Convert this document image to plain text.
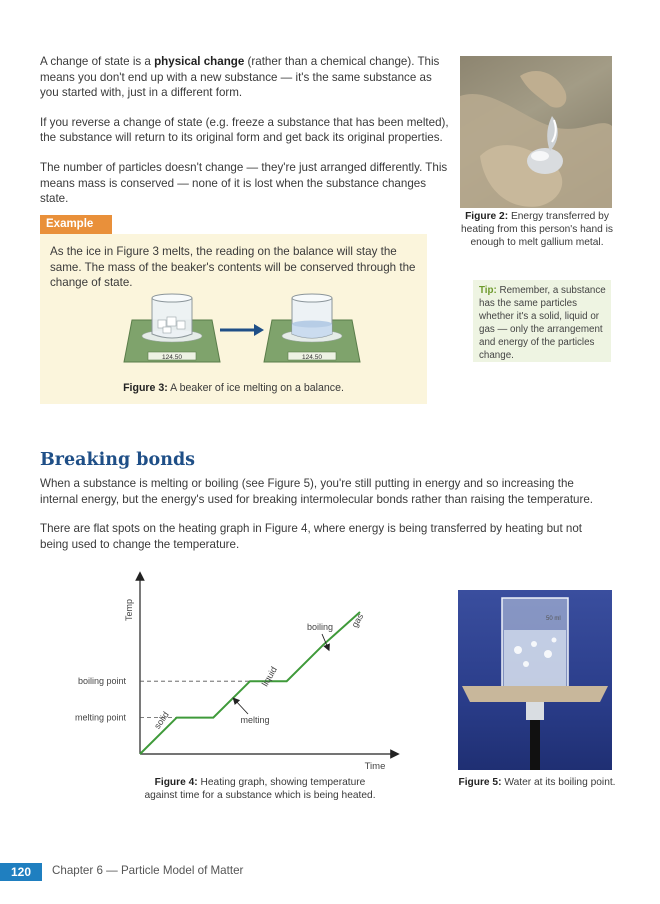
A change of state is a physical change (rather than a chemical change). This means you don't end up with a new substance — it's the same substance as you started with, just in a different form.

If you reverse a change of state (e.g. freeze a substance that has been melted), the substance will return to its original form and get back its original properties.

The number of particles doesn't change — they're just arranged differently. This means mass is conserved — none of it is lost when the substance changes state.

Figure 2: Energy transferred by heating from this person's hand is enough to melt gallium metal.
Tip: Remember, a substance has the same particles whether it's a solid, liquid or gas — only the arrangement and energy of the particles change.
Example
As the ice in Figure 3 melts, the reading on the balance will stay the same. The mass of the beaker's contents will be conserved through the change of state.
124.50	124.50
Figure 3: A beaker of ice melting on a balance.
Breaking bonds

When a substance is melting or boiling (see Figure 5), you're still putting in energy and so increasing the internal energy, but the energy's used for breaking intermolecular bonds rather than raising the temperature.

There are flat spots on the heating graph in Figure 4, where energy is being transferred by heating but not being used to change the temperature.

Temp
Time
boiling point
melting point	solid	melting
liquid
boiling gas
Figure 4: Heating graph, showing temperature against time for a substance which is being heated.
50 ml
Figure 5: Water at its boiling point.
120	Chapter 6 — Particle Model of Matter
